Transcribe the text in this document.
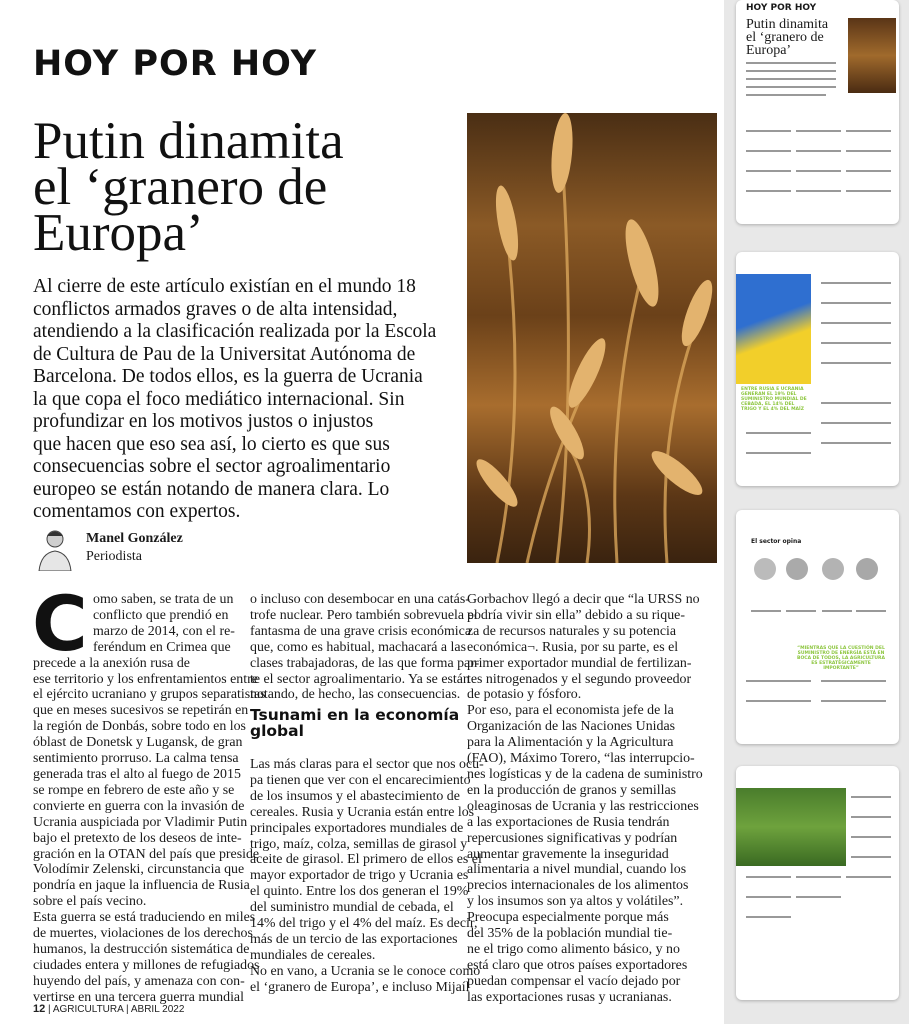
HOY POR HOY
Putin dinamita
el ‘granero de
Europa’
Al cierre de este artículo existían en el mundo 18
conflictos armados graves o de alta intensidad,
atendiendo a la clasificación realizada por la Escola
de Cultura de Pau de la Universitat Autónoma de
Barcelona. De todos ellos, es la guerra de Ucrania
la que copa el foco mediático internacional. Sin
profundizar en los motivos justos o injustos
que hacen que eso sea así, lo cierto es que sus
consecuencias sobre el sector agroalimentario
europeo se están notando de manera clara. Lo
comentamos con expertos.
Manel González
Periodista
C omo saben, se trata de un
conflicto que prendió en
marzo de 2014, con el re-
feréndum en Crimea que
precede a la anexión rusa de
ese territorio y los enfrentamientos entre
el ejército ucraniano y grupos separatistas
que en meses sucesivos se repetirán en
la región de Donbás, sobre todo en los
óblast de Donetsk y Lugansk, de gran
sentimiento prorruso. La calma tensa
generada tras el alto al fuego de 2015
se rompe en febrero de este año y se
convierte en guerra con la invasión de
Ucrania auspiciada por Vladimir Putin
bajo el pretexto de los deseos de inte-
gración en la OTAN del país que preside
Volodímir Zelenski, circunstancia que
pondría en jaque la influencia de Rusia
sobre el país vecino.
Esta guerra se está traduciendo en miles
de muertes, violaciones de los derechos
humanos, la destrucción sistemática de
ciudades entera y millones de refugiados
huyendo del país, y amenaza con con-
vertirse en una tercera guerra mundial
o incluso con desembocar en una catás-
trofe nuclear. Pero también sobrevuela el
fantasma de una grave crisis económica
que, como es habitual, machacará a las
clases trabajadoras, de las que forma par-
te el sector agroalimentario. Ya se están
notando, de hecho, las consecuencias.
Tsunami en la economía
global
Las más claras para el sector que nos ocu-
pa tienen que ver con el encarecimiento
de los insumos y el abastecimiento de
cereales. Rusia y Ucrania están entre los
principales exportadores mundiales de
trigo, maíz, colza, semillas de girasol y
aceite de girasol. El primero de ellos es el
mayor exportador de trigo y Ucrania es
el quinto. Entre los dos generan el 19%
del suministro mundial de cebada, el
14% del trigo y el 4% del maíz. Es decir,
más de un tercio de las exportaciones
mundiales de cereales.
No en vano, a Ucrania se le conoce como
el ‘granero de Europa’, e incluso Mijaíl
Gorbachov llegó a decir que “la URSS no
podría vivir sin ella” debido a su rique-
za de recursos naturales y su potencia
económica¬. Rusia, por su parte, es el
primer exportador mundial de fertilizan-
tes nitrogenados y el segundo proveedor
de potasio y fósforo.
Por eso, para el economista jefe de la
Organización de las Naciones Unidas
para la Alimentación y la Agricultura
(FAO), Máximo Torero, “las interrupcio-
nes logísticas y de la cadena de suministro
en la producción de granos y semillas
oleaginosas de Ucrania y las restricciones
a las exportaciones de Rusia tendrán
repercusiones significativas y podrían
aumentar gravemente la inseguridad
alimentaria a nivel mundial, cuando los
precios internacionales de los alimentos
y los insumos son ya altos y volátiles”.
Preocupa especialmente porque más
del 35% de la población mundial tie-
ne el trigo como alimento básico, y no
está claro que otros países exportadores
puedan compensar el vacío dejado por
las exportaciones rusas y ucranianas.
12 | AGRICULTURA | ABRIL 2022
HOY POR HOY
Putin dinamita el ‘granero de Europa’
ENTRE RUSIA E UCRANIA GENERAN EL 19% DEL SUMINISTRO MUNDIAL DE CEBADA, EL 14% DEL TRIGO Y EL 4% DEL MAÍZ
El sector opina
“MIENTRAS QUE LA CUESTIÓN DEL SUMINISTRO DE ENERGÍA ESTÁ EN BOCA DE TODOS, LA AGRICULTURA ES ESTRATÉGICAMENTE IMPORTANTE”
